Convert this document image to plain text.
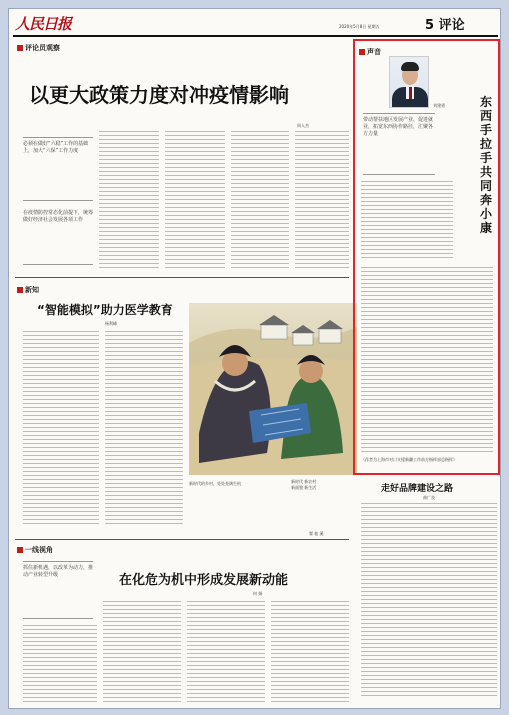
人民日报	2020年5月8日 星期五	5 评论
评论员观察
以更大政策力度对冲疫情影响
周人杰
必须在做好“六稳”工作的基础上，加大“六保”工作力度
在疫情防控常态化前提下，统筹做好经济社会发展各项工作
新知
“智能模拟”助力医学教育
杨利峰
新时代的乡村，处处充满生机	新时代 新农村 新面貌 新生活
翟 桂 溪
声音
刘建勇
带动帮扶地区发展产业、促进就业，拓宽东西协作路径，汇聚各方力量
东西手拉手 共同奔小康
（作者为上海市对口支援新疆工作前方指挥部总指挥）
走好品牌建设之路
曲广良
一线视角
抓住新机遇，以改革为动力，推动产业转型升级	在化危为机中形成发展新动能
何 娟
